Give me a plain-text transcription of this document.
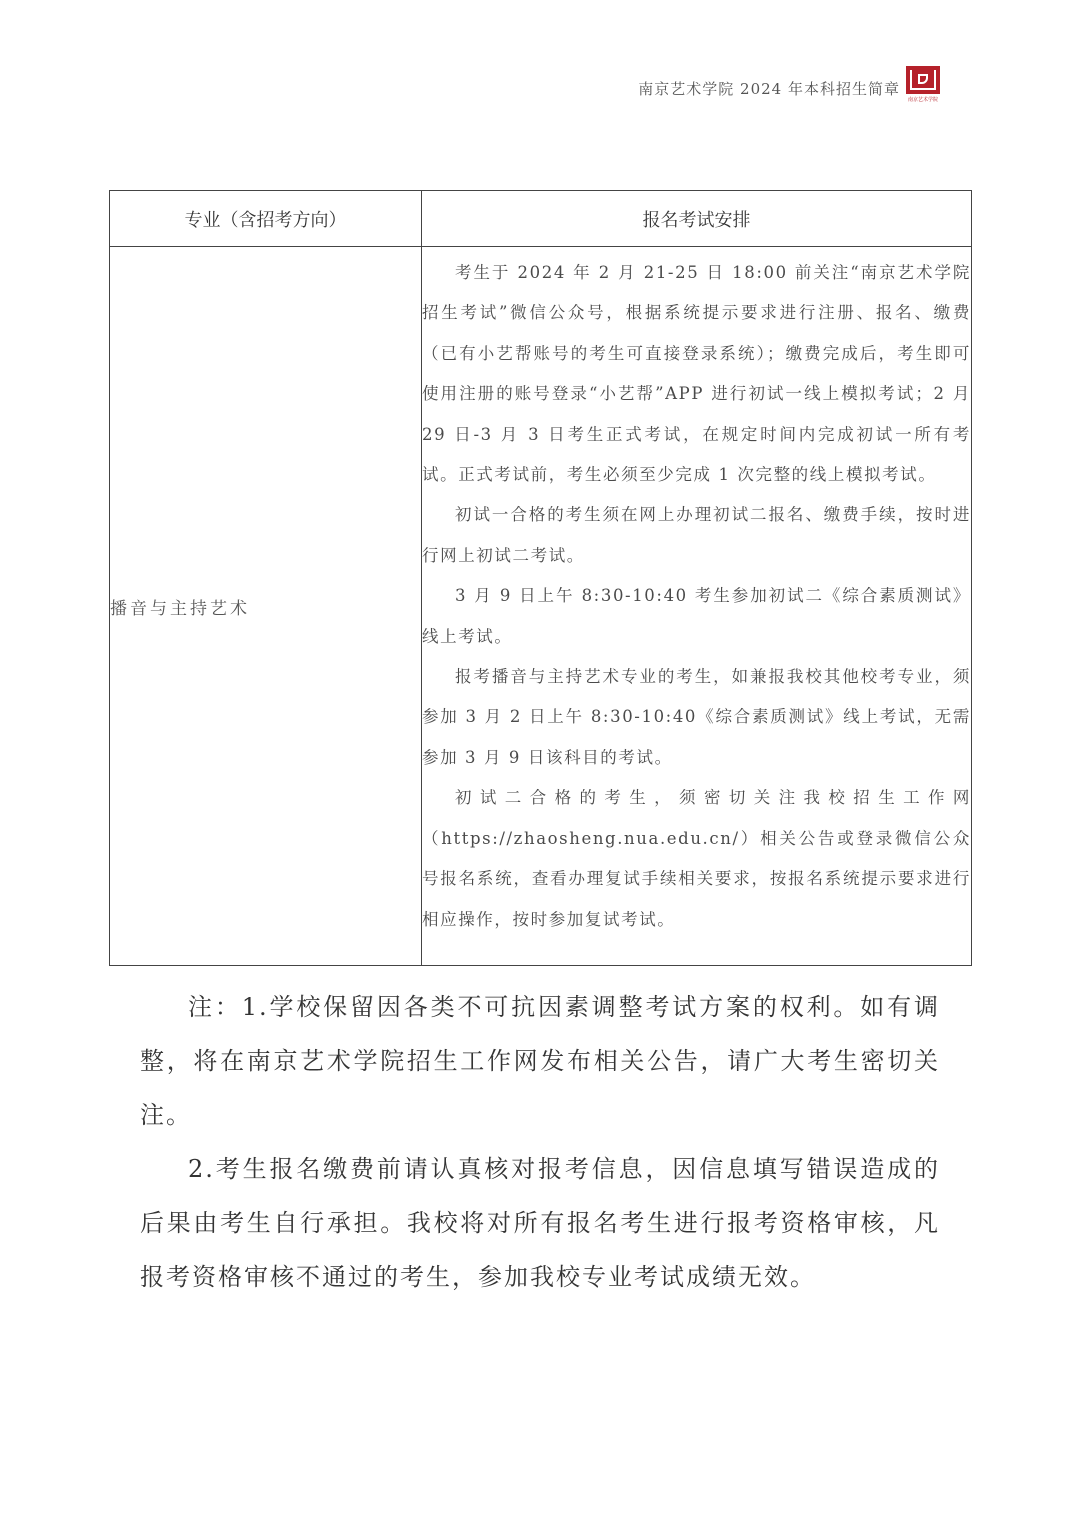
南京艺术学院 2024 年本科招生简章
南京艺术学院
专业（含招考方向）	报名考试安排
播音与主持艺术	考生于 2024 年 2 月 21-25 日 18:00 前关注“南京艺术学院招生考试”微信公众号，根据系统提示要求进行注册、报名、缴费（已有小艺帮账号的考生可直接登录系统）；缴费完成后，考生即可使用注册的账号登录“小艺帮”APP 进行初试一线上模拟考试；2 月 29 日-3 月 3 日考生正式考试，在规定时间内完成初试一所有考试。正式考试前，考生必须至少完成 1 次完整的线上模拟考试。

初试一合格的考生须在网上办理初试二报名、缴费手续，按时进行网上初试二考试。

3 月 9 日上午 8:30-10:40 考生参加初试二《综合素质测试》线上考试。

报考播音与主持艺术专业的考生，如兼报我校其他校考专业，须参加 3 月 2 日上午 8:30-10:40《综合素质测试》线上考试，无需参加 3 月 9 日该科目的考试。

初试二合格的考生，须密切关注我校招生工作网（https://zhaosheng.nua.edu.cn/）相关公告或登录微信公众号报名系统，查看办理复试手续相关要求，按报名系统提示要求进行相应操作，按时参加复试考试。

注：1.学校保留因各类不可抗因素调整考试方案的权利。如有调整，将在南京艺术学院招生工作网发布相关公告，请广大考生密切关注。

2.考生报名缴费前请认真核对报考信息，因信息填写错误造成的后果由考生自行承担。我校将对所有报名考生进行报考资格审核，凡报考资格审核不通过的考生，参加我校专业考试成绩无效。
